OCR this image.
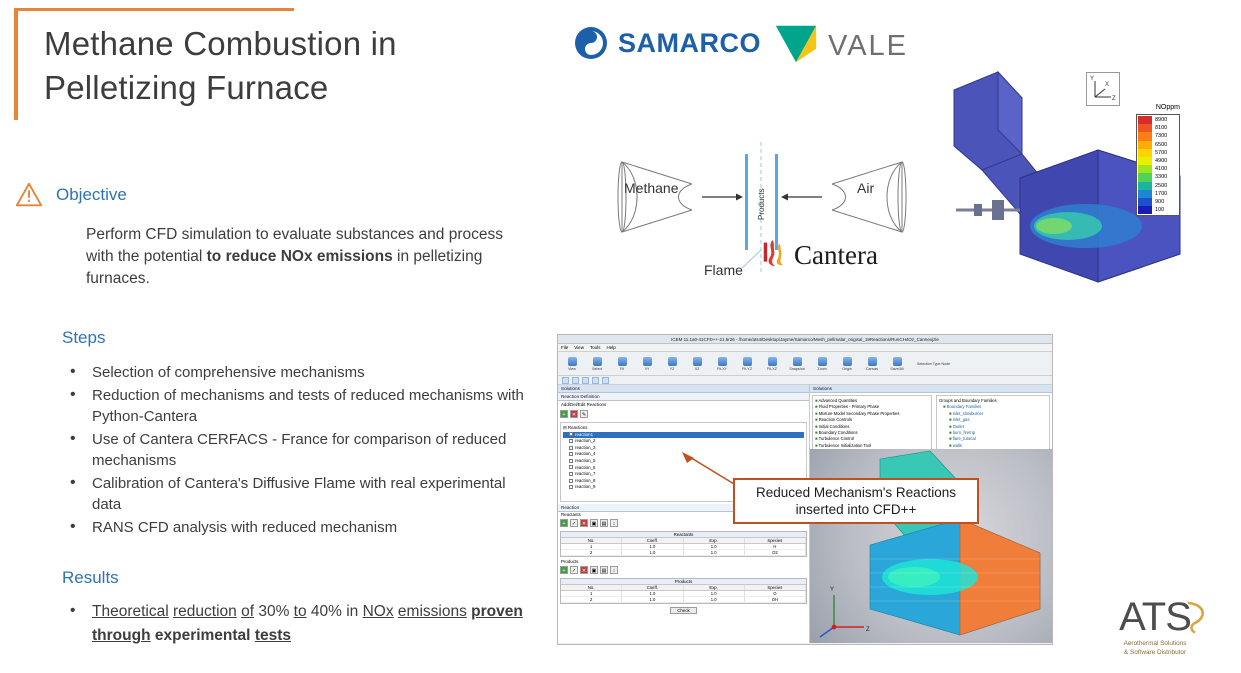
Methane Combustion in Pelletizing Furnace
Objective
Perform CFD simulation to evaluate substances and process with the potential to reduce NOx emissions in pelletizing furnaces.
Steps
• Selection of comprehensive mechanisms
• Reduction of mechanisms and tests of reduced mechanisms with Python-Cantera
• Use of Cantera CERFACS - France for comparison of reduced mechanisms
• Calibration of Cantera's Diffusive Flame with real experimental data
• RANS CFD analysis with reduced mechanism
Results
• Theoretical reduction of 30% to 40% in NOx emissions proven through experimental tests
SAMARCO VALE
Products
Methane	Air
Flame Cantera
Y
Z
X
NOppm
8900
8100
7300
6500
5700
4900
4100
3300
2500
1700
900
100
ICEM 11.1a0-41CFD++-21.5r26 - /home/ats4/Desktop/Jayme/Samarco/Mesh_pellmalar_origisal_19Reactions/RunCH4Oz_Cannexjzle
File View Tools Help
View	Select	Fit	XY	YZ	XZ	Fit-XY	Fit-YZ	Fit-XZ	Snapshot	Zoom	Origin	Canvas	Save/All
Selection Type Node
Solutions
Reaction Definition
Add/Del/Edit Reactions
+	✕	✎
⊟ Reactions
reaction1
reaction_2
reaction_3
reaction_4
reaction_5
reaction_6
reaction_7
reaction_8
reaction_9
Reaction
Reactants
+	✓	✕	▣	▤	↕
Reactants
No.	Coeff.	Exp.	Species
1	1.0	1.0	H
2	1.0	1.0	O2
Products
+	✓	✕	▣	▤	↕
Products
No.	Coeff.	Exp.	Species
1	1.0	1.0	O
2	1.0	1.0	OH
Check
Solutions
■ Advanced Quantities
■ Fluid Properties - Primary Phase
■ Mixture Model Secondary Phase Properties
■ Reaction Controls
■ Initial Conditions
■ Boundary Conditions
■ Turbulence Control
■ Turbulence Initialization Tool
Groups and Boundary Families
■ Boundary Families
■ inlet_slowburner
■ inlet_gas
■ Outlet
■ burn_firetrip
■ flare_tutorial
■ walls
Y
Z
Reduced Mechanism's Reactions inserted into CFD++
ATS
Aerothermal Solutions
& Software Distributor
